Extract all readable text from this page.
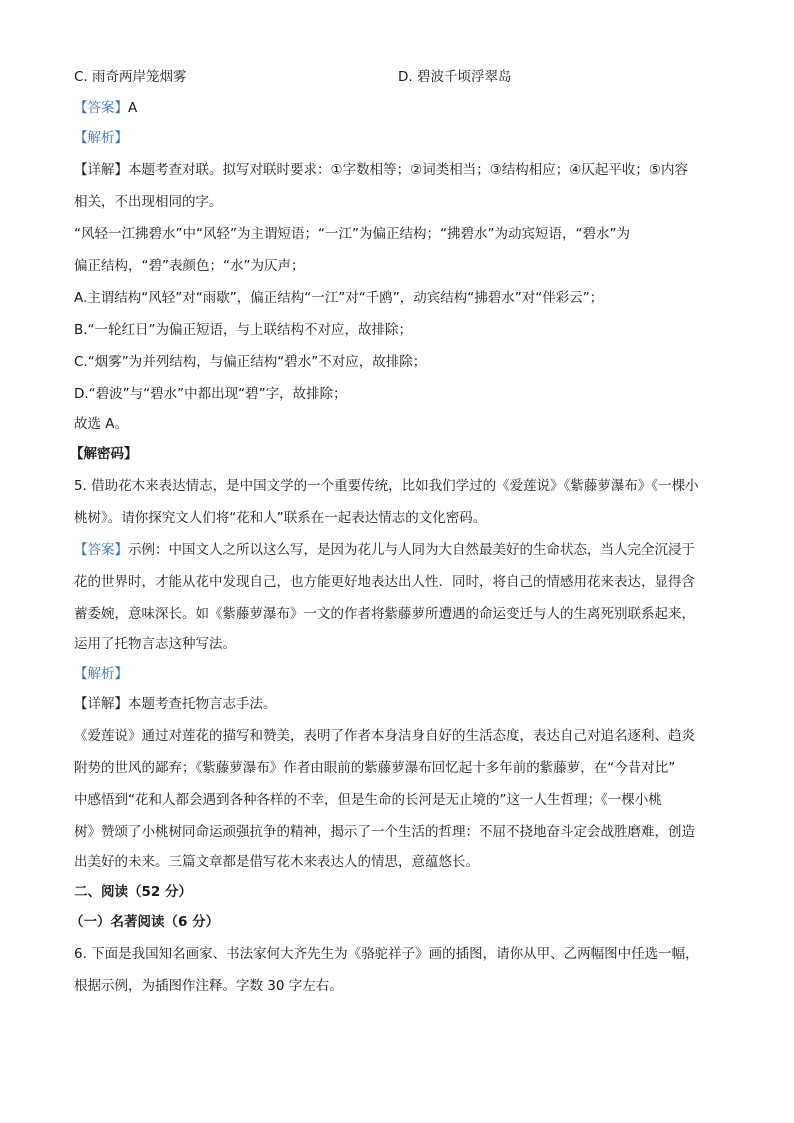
C. 雨奇两岸笼烟雾	D. 碧波千顷浮翠岛
【答案】A
【解析】
【详解】本题考查对联。拟写对联时要求：①字数相等；②词类相当；③结构相应；④仄起平收；⑤内容
相关，不出现相同的字。
“风轻一江拂碧水”中“风轻”为主谓短语；“一江”为偏正结构；“拂碧水”为动宾短语，“碧水”为
偏正结构，“碧”表颜色；“水”为仄声；
A.主谓结构“风轻”对“雨歇”，偏正结构“一江”对“千鸥”，动宾结构“拂碧水”对“伴彩云”；
B.“一轮红日”为偏正短语，与上联结构不对应，故排除；
C.“烟雾”为并列结构，与偏正结构“碧水”不对应，故排除；
D.“碧波”与“碧水”中都出现“碧”字，故排除；
故选 A。
【解密码】
5. 借助花木来表达情志，是中国文学的一个重要传统，比如我们学过的《爱莲说》《紫藤萝瀑布》《一棵小
桃树》。请你探究文人们将“花和人”联系在一起表达情志的文化密码。
【答案】示例：中国文人之所以这么写，是因为花儿与人同为大自然最美好的生命状态，当人完全沉浸于
花的世界时，才能从花中发现自己，也方能更好地表达出人性．同时，将自己的情感用花来表达，显得含
蓄委婉，意味深长。如《紫藤萝瀑布》一文的作者将紫藤萝所遭遇的命运变迁与人的生离死别联系起来，
运用了托物言志这种写法。
【解析】
【详解】本题考查托物言志手法。
《爱莲说》通过对莲花的描写和赞美，表明了作者本身洁身自好的生活态度，表达自己对追名逐利、趋炎
附势的世风的鄙弃；《紫藤萝瀑布》作者由眼前的紫藤萝瀑布回忆起十多年前的紫藤萝，在“今昔对比”
中感悟到“花和人都会遇到各种各样的不幸，但是生命的长河是无止境的”这一人生哲理；《一棵小桃
树》赞颂了小桃树同命运顽强抗争的精神，揭示了一个生活的哲理：不屈不挠地奋斗定会战胜磨难，创造
出美好的未来。三篇文章都是借写花木来表达人的情思，意蕴悠长。
二、阅读（52 分）
（一）名著阅读（6 分）
6. 下面是我国知名画家、书法家何大齐先生为《骆驼祥子》画的插图，请你从甲、乙两幅图中任选一幅，
根据示例，为插图作注释。字数 30 字左右。
